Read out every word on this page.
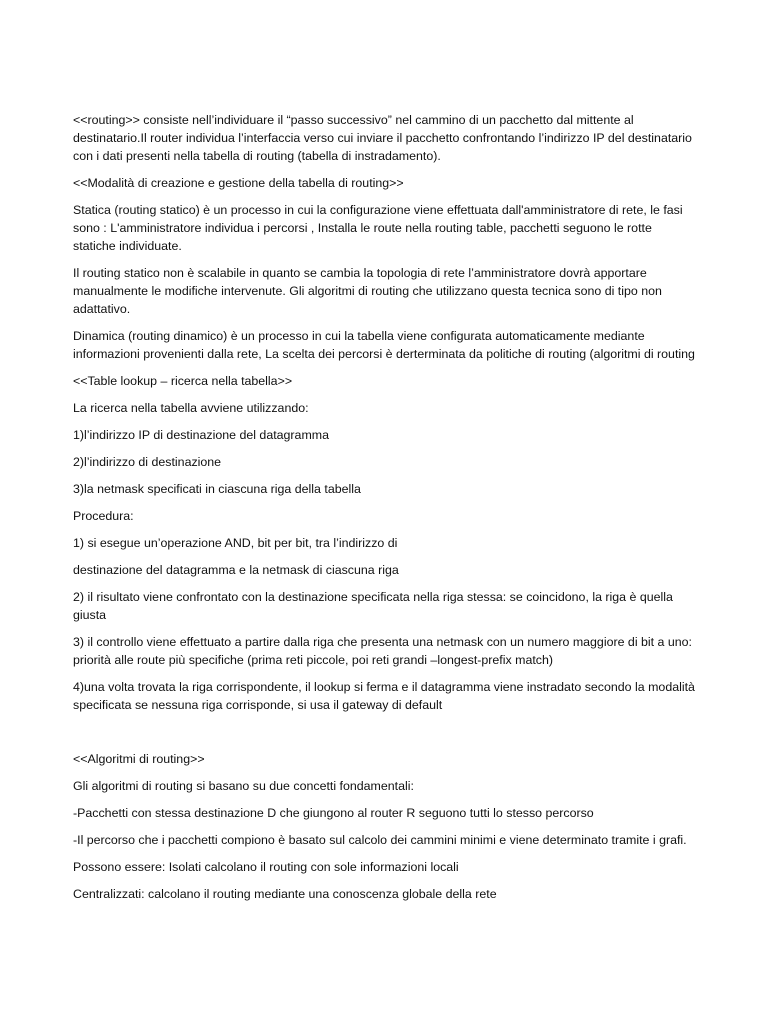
<<routing>> consiste nell’individuare il “passo successivo” nel cammino di un pacchetto dal mittente al destinatario.Il router individua l’interfaccia verso cui inviare il pacchetto confrontando l’indirizzo IP del destinatario con i dati presenti nella tabella di routing (tabella di instradamento).

<<Modalità di creazione e gestione della tabella di routing>>

Statica (routing statico) è un processo in cui la configurazione viene effettuata dall'amministratore di rete, le fasi sono : L'amministratore individua i percorsi , Installa le route nella routing table, pacchetti seguono le rotte statiche individuate.

Il routing statico non è scalabile in quanto se cambia la topologia di rete l’amministratore dovrà apportare manualmente le modifiche intervenute. Gli algoritmi di routing che utilizzano questa tecnica sono di tipo non adattativo.

Dinamica (routing dinamico) è un processo in cui la tabella viene configurata automaticamente mediante informazioni provenienti dalla rete, La scelta dei percorsi è derterminata da politiche di routing (algoritmi di routing

<<Table lookup – ricerca nella tabella>>

La ricerca nella tabella avviene utilizzando:

1)l’indirizzo IP di destinazione del datagramma

2)l’indirizzo di destinazione

3)la netmask specificati in ciascuna riga della tabella

Procedura:

1) si esegue un’operazione AND, bit per bit, tra l’indirizzo di

destinazione del datagramma e la netmask di ciascuna riga

2) il risultato viene confrontato con la destinazione specificata nella riga stessa: se coincidono, la riga è quella giusta

3) il controllo viene effettuato a partire dalla riga che presenta una netmask con un numero maggiore di bit a uno: priorità alle route più specifiche (prima reti piccole, poi reti grandi –longest-prefix match)

4)una volta trovata la riga corrispondente, il lookup si ferma e il datagramma viene instradato secondo la modalità specificata se nessuna riga corrisponde, si usa il gateway di default

<<Algoritmi di routing>>

Gli algoritmi di routing si basano su due concetti fondamentali:

-Pacchetti con stessa destinazione D che giungono al router R seguono tutti lo stesso percorso

-Il percorso che i pacchetti compiono è basato sul calcolo dei cammini minimi e viene determinato tramite i grafi.

Possono essere: Isolati calcolano il routing con sole informazioni locali

Centralizzati: calcolano il routing mediante una conoscenza globale della rete
